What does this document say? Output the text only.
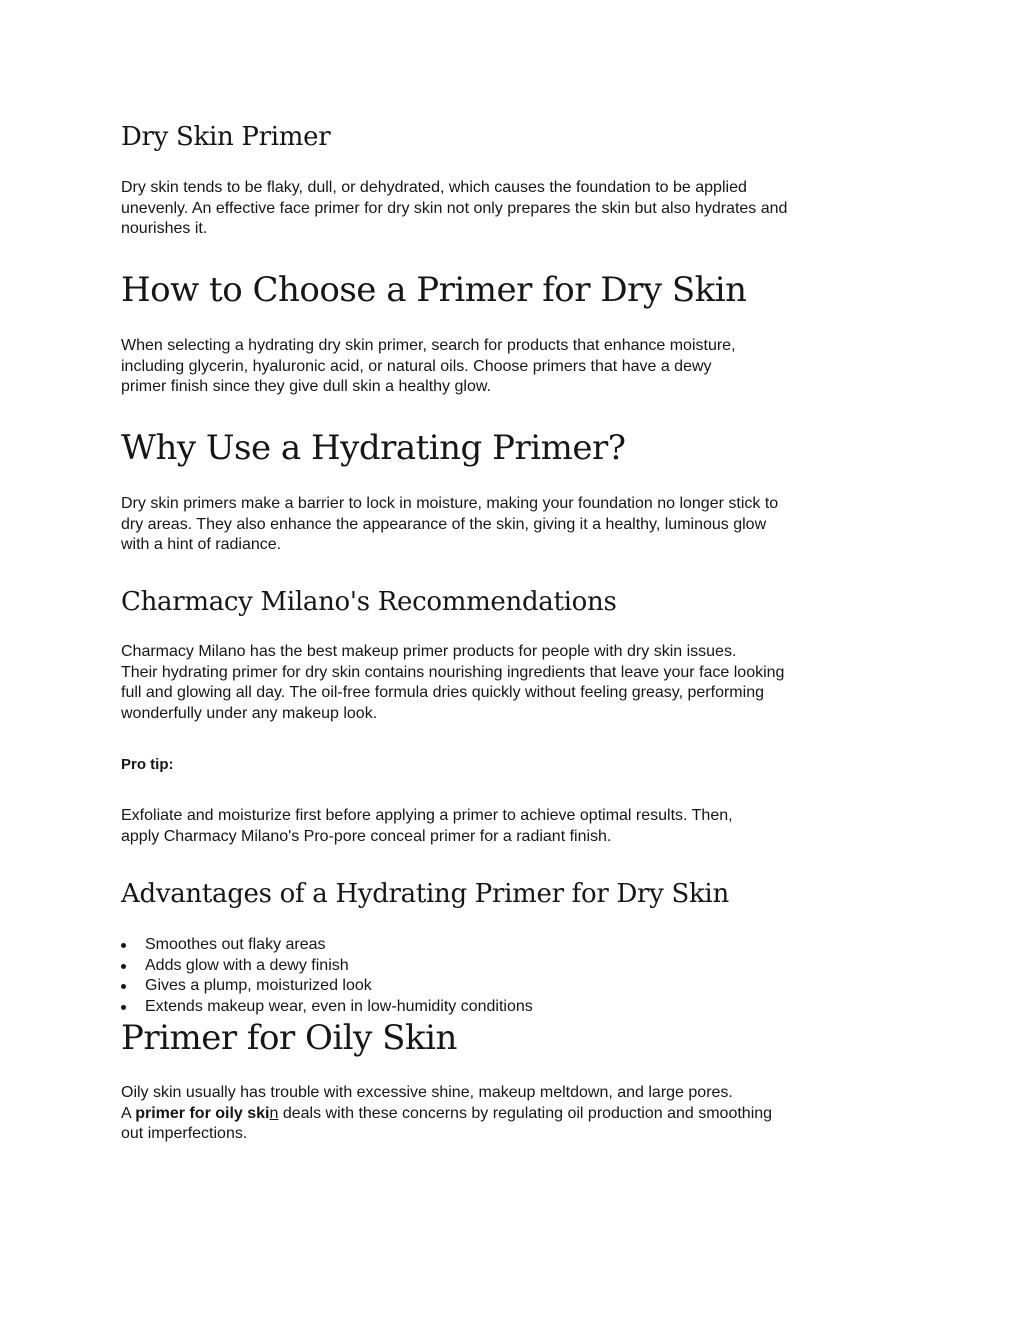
Dry Skin Primer
Dry skin tends to be flaky, dull, or dehydrated, which causes the foundation to be applied
unevenly. An effective face primer for dry skin not only prepares the skin but also hydrates and
nourishes it.
How to Choose a Primer for Dry Skin
When selecting a hydrating dry skin primer, search for products that enhance moisture,
including glycerin, hyaluronic acid, or natural oils. Choose primers that have a dewy
primer finish since they give dull skin a healthy glow.
Why Use a Hydrating Primer?
Dry skin primers make a barrier to lock in moisture, making your foundation no longer stick to
dry areas. They also enhance the appearance of the skin, giving it a healthy, luminous glow
with a hint of radiance.
Charmacy Milano's Recommendations
Charmacy Milano has the best makeup primer products for people with dry skin issues.
Their hydrating primer for dry skin contains nourishing ingredients that leave your face looking
full and glowing all day. The oil-free formula dries quickly without feeling greasy, performing
wonderfully under any makeup look.
Pro tip:
Exfoliate and moisturize first before applying a primer to achieve optimal results. Then,
apply Charmacy Milano's Pro-pore conceal primer for a radiant finish.
Advantages of a Hydrating Primer for Dry Skin
Smoothes out flaky areas
Adds glow with a dewy finish
Gives a plump, moisturized look
Extends makeup wear, even in low-humidity conditions
Primer for Oily Skin
Oily skin usually has trouble with excessive shine, makeup meltdown, and large pores.
A primer for oily skin deals with these concerns by regulating oil production and smoothing
out imperfections.
